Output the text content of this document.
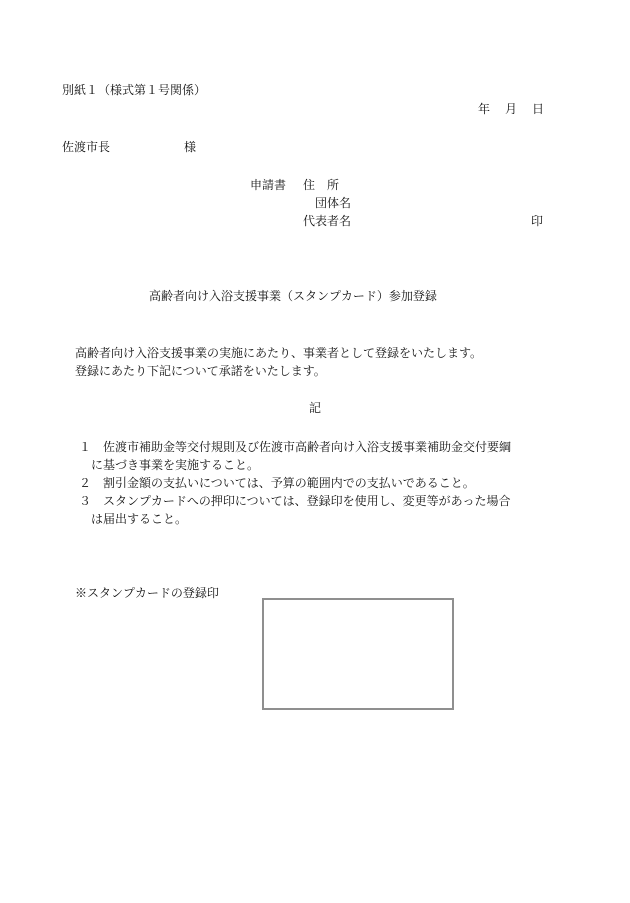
別紙１（様式第１号関係）
年 月 日
佐渡市長	様
申請書 住　所
団体名
代表者名	印
高齢者向け入浴支援事業（スタンプカード）参加登録
高齢者向け入浴支援事業の実施にあたり、事業者として登録をいたします。
登録にあたり下記について承諾をいたします。
記
１ 佐渡市補助金等交付規則及び佐渡市高齢者向け入浴支援事業補助金交付要綱
に基づき事業を実施すること。
２ 割引金額の支払いについては、予算の範囲内での支払いであること。
３ スタンプカードへの押印については、登録印を使用し、変更等があった場合
は届出すること。
※スタンプカードの登録印
